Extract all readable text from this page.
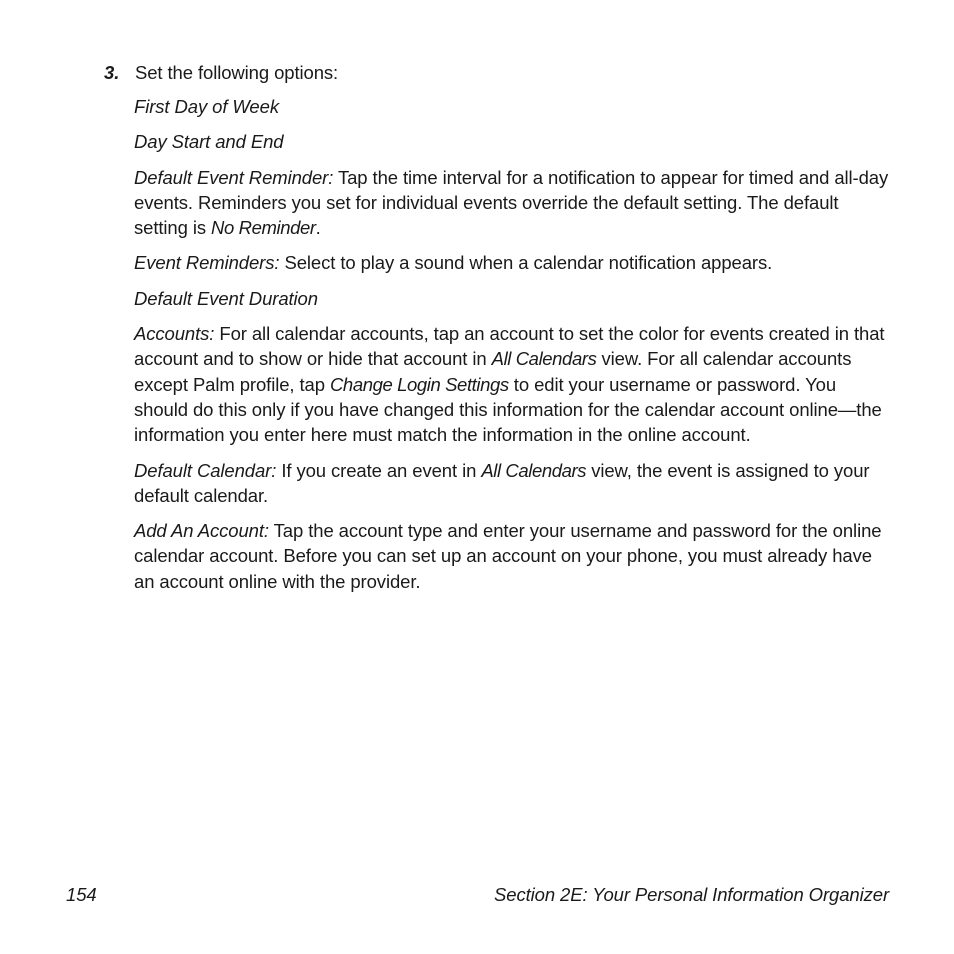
3. Set the following options:

First Day of Week

Day Start and End

Default Event Reminder: Tap the time interval for a notification to appear for timed and all-day events. Reminders you set for individual events override the default setting. The default setting is No Reminder.

Event Reminders: Select to play a sound when a calendar notification appears.

Default Event Duration

Accounts: For all calendar accounts, tap an account to set the color for events created in that account and to show or hide that account in All Calendars view. For all calendar accounts except Palm profile, tap Change Login Settings to edit your username or password. You should do this only if you have changed this information for the calendar account online—the information you enter here must match the information in the online account.

Default Calendar: If you create an event in All Calendars view, the event is assigned to your default calendar.

Add An Account: Tap the account type and enter your username and password for the online calendar account. Before you can set up an account on your phone, you must already have an account online with the provider.

154	Section 2E: Your Personal Information Organizer
